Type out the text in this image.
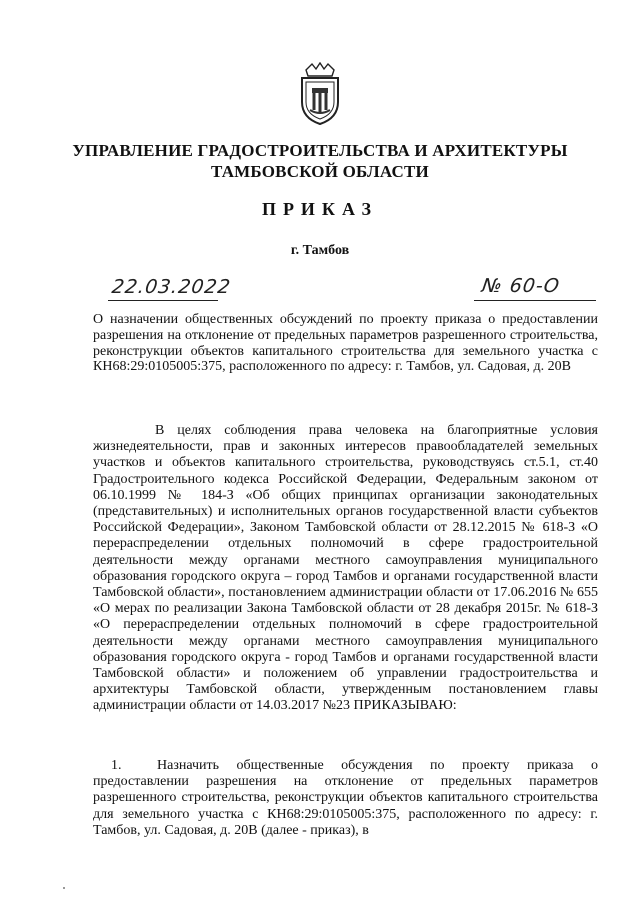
УПРАВЛЕНИЕ ГРАДОСТРОИТЕЛЬСТВА И АРХИТЕКТУРЫ
ТАМБОВСКОЙ ОБЛАСТИ
ПРИКАЗ
г. Тамбов
22.03.2022	№ 60-О
О назначении общественных обсуждений по проекту приказа о предоставлении разрешения на отклонение от предельных параметров разрешенного строительства, реконструкции объектов капитального строительства для земельного участка с КН68:29:0105005:375, расположенного по адресу: г. Тамбов, ул. Садовая, д. 20В
В целях соблюдения права человека на благоприятные условия жизнедеятельности, прав и законных интересов правообладателей земельных участков и объектов капитального строительства, руководствуясь ст.5.1, ст.40 Градостроительного кодекса Российской Федерации, Федеральным законом от 06.10.1999 № 184-З «Об общих принципах организации законодательных (представительных) и исполнительных органов государственной власти субъектов Российской Федерации», Законом Тамбовской области от 28.12.2015 № 618-З «О перераспределении отдельных полномочий в сфере градостроительной деятельности между органами местного самоуправления муниципального образования городского округа – город Тамбов и органами государственной власти Тамбовской области», постановлением администрации области от 17.06.2016 № 655 «О мерах по реализации Закона Тамбовской области от 28 декабря 2015г. № 618-З «О перераспределении отдельных полномочий в сфере градостроительной деятельности между органами местного самоуправления муниципального образования городского округа - город Тамбов и органами государственной власти Тамбовской области» и положением об управлении градостроительства и архитектуры Тамбовской области, утвержденным постановлением главы администрации области от 14.03.2017 №23 ПРИКАЗЫВАЮ:
1.	Назначить общественные обсуждения по проекту приказа о предоставлении разрешения на отклонение от предельных параметров разрешенного строительства, реконструкции объектов капитального строительства для земельного участка с КН68:29:0105005:375, расположенного по адресу: г. Тамбов, ул. Садовая, д. 20В (далее - приказ), в
